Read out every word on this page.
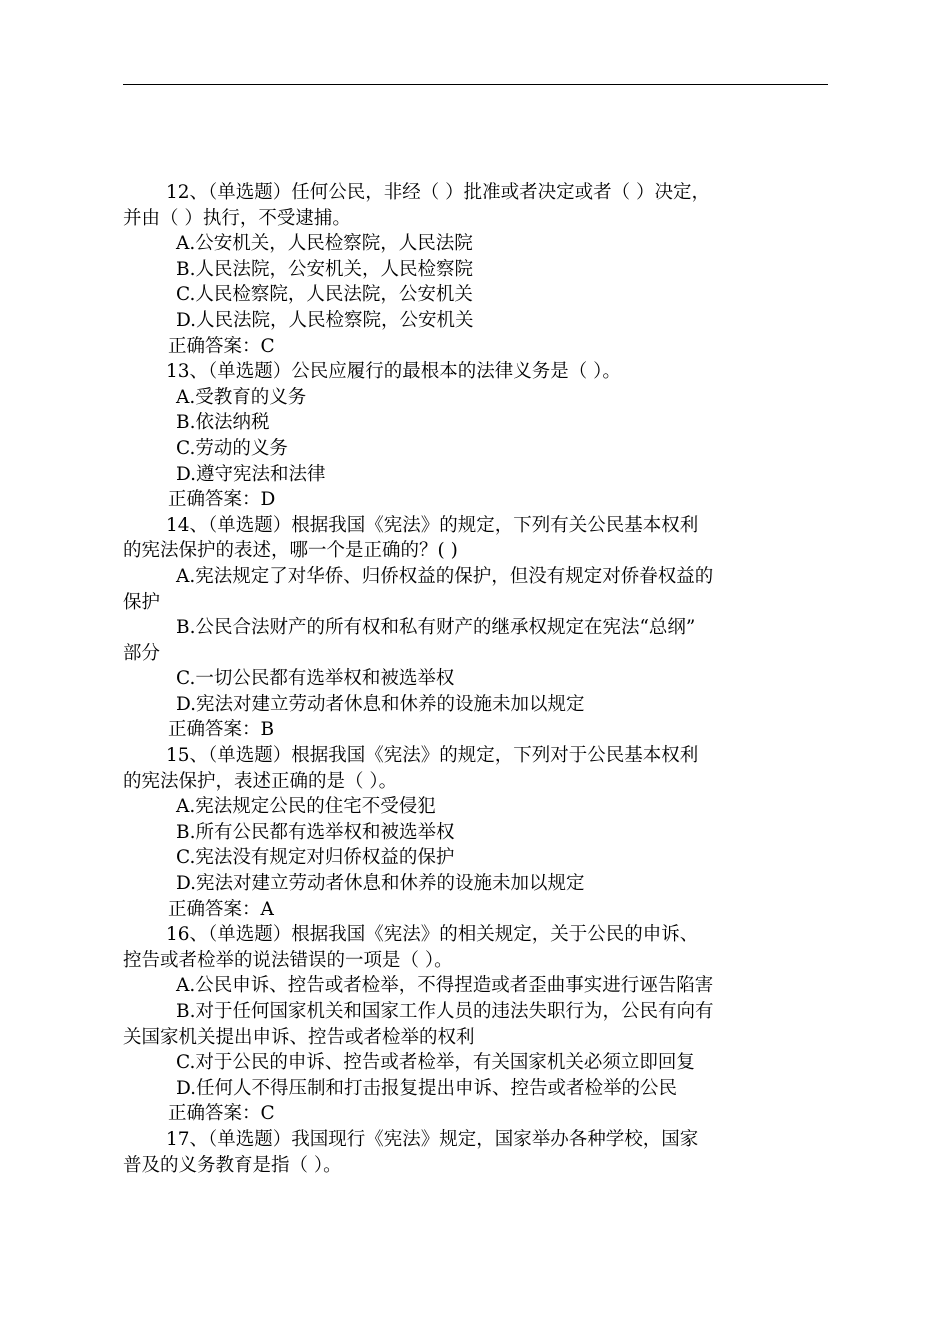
12、（单选题）任何公民，非经（ ）批准或者决定或者（ ）决定，
并由（ ）执行，不受逮捕。
A.公安机关，人民检察院，人民法院
B.人民法院，公安机关，人民检察院
C.人民检察院，人民法院，公安机关
D.人民法院，人民检察院，公安机关
正确答案：C
13、（单选题）公民应履行的最根本的法律义务是（ ）。
A.受教育的义务
B.依法纳税
C.劳动的义务
D.遵守宪法和法律
正确答案：D
14、（单选题）根据我国《宪法》的规定，下列有关公民基本权利
的宪法保护的表述，哪一个是正确的？( )
A.宪法规定了对华侨、归侨权益的保护，但没有规定对侨眷权益的
保护
B.公民合法财产的所有权和私有财产的继承权规定在宪法“总纲”
部分
C.一切公民都有选举权和被选举权
D.宪法对建立劳动者休息和休养的设施未加以规定
正确答案：B
15、（单选题）根据我国《宪法》的规定，下列对于公民基本权利
的宪法保护，表述正确的是（ ）。
A.宪法规定公民的住宅不受侵犯
B.所有公民都有选举权和被选举权
C.宪法没有规定对归侨权益的保护
D.宪法对建立劳动者休息和休养的设施未加以规定
正确答案：A
16、（单选题）根据我国《宪法》的相关规定，关于公民的申诉、
控告或者检举的说法错误的一项是（ ）。
A.公民申诉、控告或者检举，不得捏造或者歪曲事实进行诬告陷害
B.对于任何国家机关和国家工作人员的违法失职行为，公民有向有
关国家机关提出申诉、控告或者检举的权利
C.对于公民的申诉、控告或者检举，有关国家机关必须立即回复
D.任何人不得压制和打击报复提出申诉、控告或者检举的公民
正确答案：C
17、（单选题）我国现行《宪法》规定，国家举办各种学校，国家
普及的义务教育是指（ ）。
